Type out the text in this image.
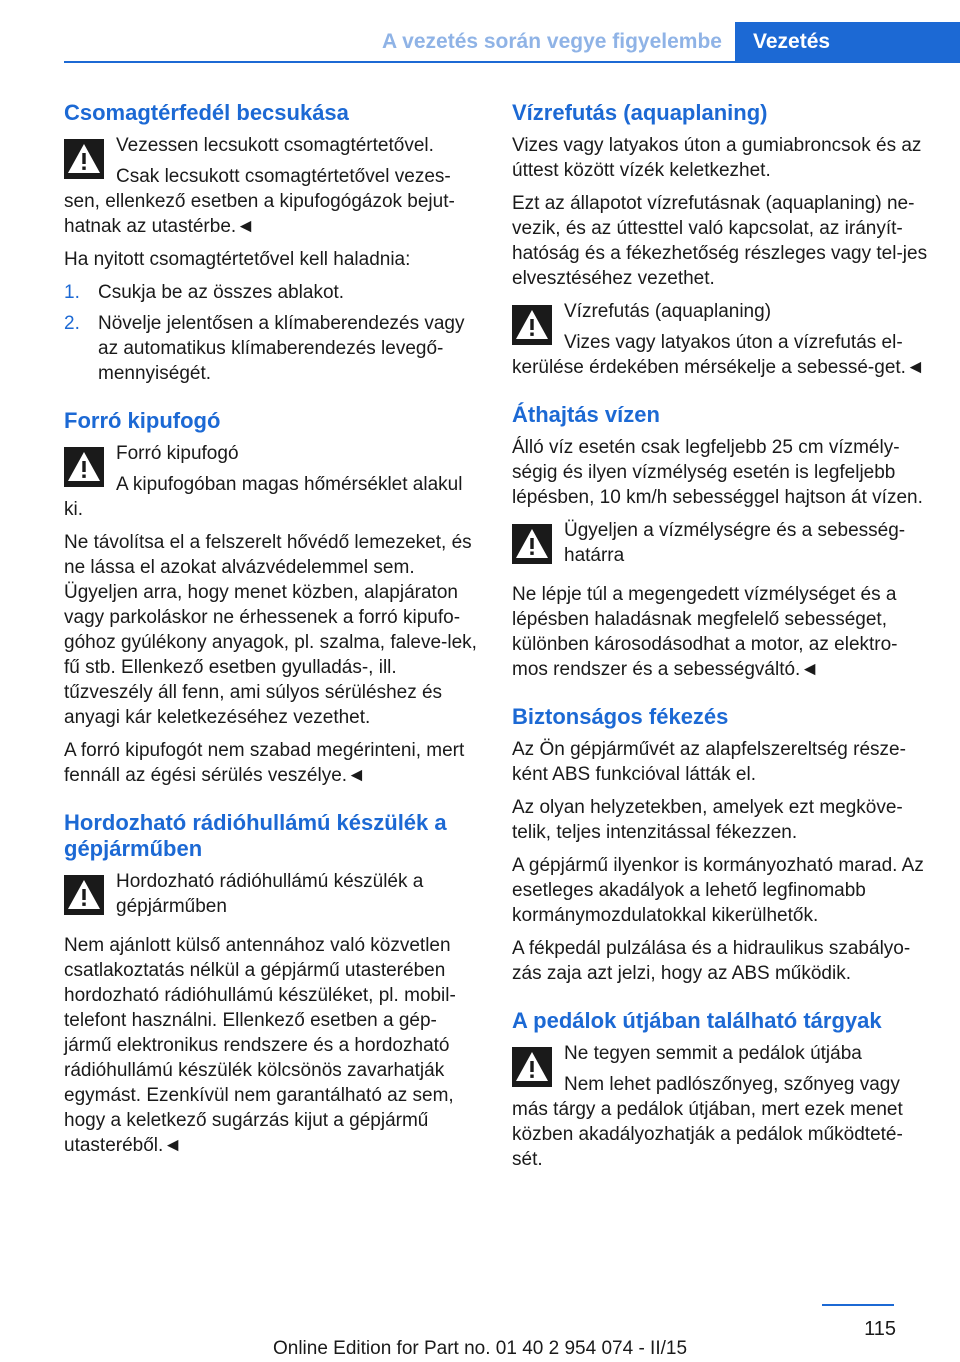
A vezetés során vegye figyelembe	Vezetés
Csomagtérfedél becsukása

Vezessen lecsukott csomagtértetővel.

Csak lecsukott csomagtértetővel vezes-sen, ellenkező esetben a kipufogógázok bejut-hatnak az utastérbe.◄

Ha nyitott csomagtértetővel kell haladnia:

1. Csukja be az összes ablakot.
2. Növelje jelentősen a klímaberendezés vagy az automatikus klímaberendezés levegő-mennyiségét.
Forró kipufogó

Forró kipufogó

A kipufogóban magas hőmérséklet alakul ki.

Ne távolítsa el a felszerelt hővédő lemezeket, és ne lássa el azokat alvázvédelemmel sem. Ügyeljen arra, hogy menet közben, alapjáraton vagy parkoláskor ne érhessenek a forró kipufo-góhoz gyúlékony anyagok, pl. szalma, faleve-lek, fű stb. Ellenkező esetben gyulladás-, ill. tűzveszély áll fenn, ami súlyos sérüléshez és anyagi kár keletkezéséhez vezethet.

A forró kipufogót nem szabad megérinteni, mert fennáll az égési sérülés veszélye.◄

Hordozható rádióhullámú készülék a gépjárműben

Hordozható rádióhullámú készülék a gépjárműben

Nem ajánlott külső antennához való közvetlen csatlakoztatás nélkül a gépjármű utasterében hordozható rádióhullámú készüléket, pl. mobil-telefont használni. Ellenkező esetben a gép-jármű elektronikus rendszere és a hordozható rádióhullámú készülék kölcsönös zavarhatják egymást. Ezenkívül nem garantálható az sem, hogy a keletkező sugárzás kijut a gépjármű utasteréből.◄

Vízrefutás (aquaplaning)

Vizes vagy latyakos úton a gumiabroncsok és az úttest között vízék keletkezhet.

Ezt az állapotot vízrefutásnak (aquaplaning) ne-vezik, és az úttesttel való kapcsolat, az irányít-hatóság és a fékezhetőség részleges vagy tel-jes elvesztéséhez vezethet.

Vízrefutás (aquaplaning)

Vizes vagy latyakos úton a vízrefutás el-kerülése érdekében mérsékelje a sebessé-get.◄

Áthajtás vízen

Álló víz esetén csak legfeljebb 25 cm vízmély-ségig és ilyen vízmélység esetén is legfeljebb lépésben, 10 km/h sebességgel hajtson át vízen.

Ügyeljen a vízmélységre és a sebesség-határra

Ne lépje túl a megengedett vízmélységet és a lépésben haladásnak megfelelő sebességet, különben károsodásodhat a motor, az elektro-mos rendszer és a sebességváltó.◄

Biztonságos fékezés

Az Ön gépjárművét az alapfelszereltség része-ként ABS funkcióval látták el.

Az olyan helyzetekben, amelyek ezt megköve-telik, teljes intenzitással fékezzen.

A gépjármű ilyenkor is kormányozható marad. Az esetleges akadályok a lehető legfinomabb kormánymozdulatokkal kikerülhetők.

A fékpedál pulzálása és a hidraulikus szabályo-zás zaja azt jelzi, hogy az ABS működik.

A pedálok útjában található tárgyak

Ne tegyen semmit a pedálok útjába

Nem lehet padlószőnyeg, szőnyeg vagy más tárgy a pedálok útjában, mert ezek menet közben akadályozhatják a pedálok működteté-sét.

115
Online Edition for Part no. 01 40 2 954 074 - II/15
